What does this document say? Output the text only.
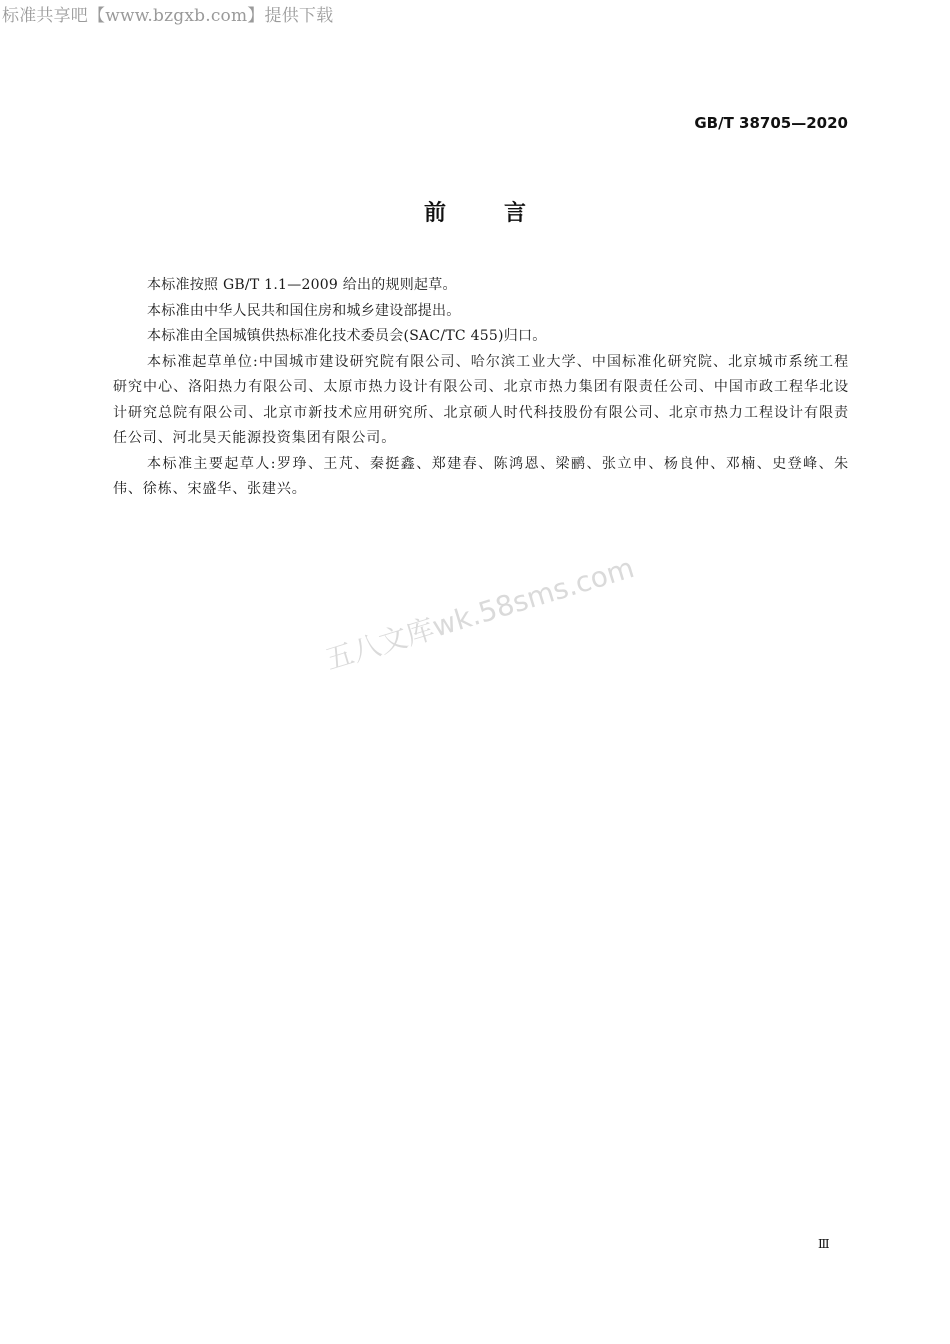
标准共享吧【www.bzgxb.com】提供下载
GB/T 38705—2020
前言

本标准按照 GB/T 1.1—2009 给出的规则起草。

本标准由中华人民共和国住房和城乡建设部提出。

本标准由全国城镇供热标准化技术委员会(SAC/TC 455)归口。

本标准起草单位:中国城市建设研究院有限公司、哈尔滨工业大学、中国标准化研究院、北京城市系统工程研究中心、洛阳热力有限公司、太原市热力设计有限公司、北京市热力集团有限责任公司、中国市政工程华北设计研究总院有限公司、北京市新技术应用研究所、北京硕人时代科技股份有限公司、北京市热力工程设计有限责任公司、河北昊天能源投资集团有限公司。

本标准主要起草人:罗琤、王芃、秦挺鑫、郑建春、陈鸿恩、梁鹂、张立申、杨良仲、邓楠、史登峰、朱伟、徐栋、宋盛华、张建兴。

五八文库wk.58sms.com
Ⅲ
